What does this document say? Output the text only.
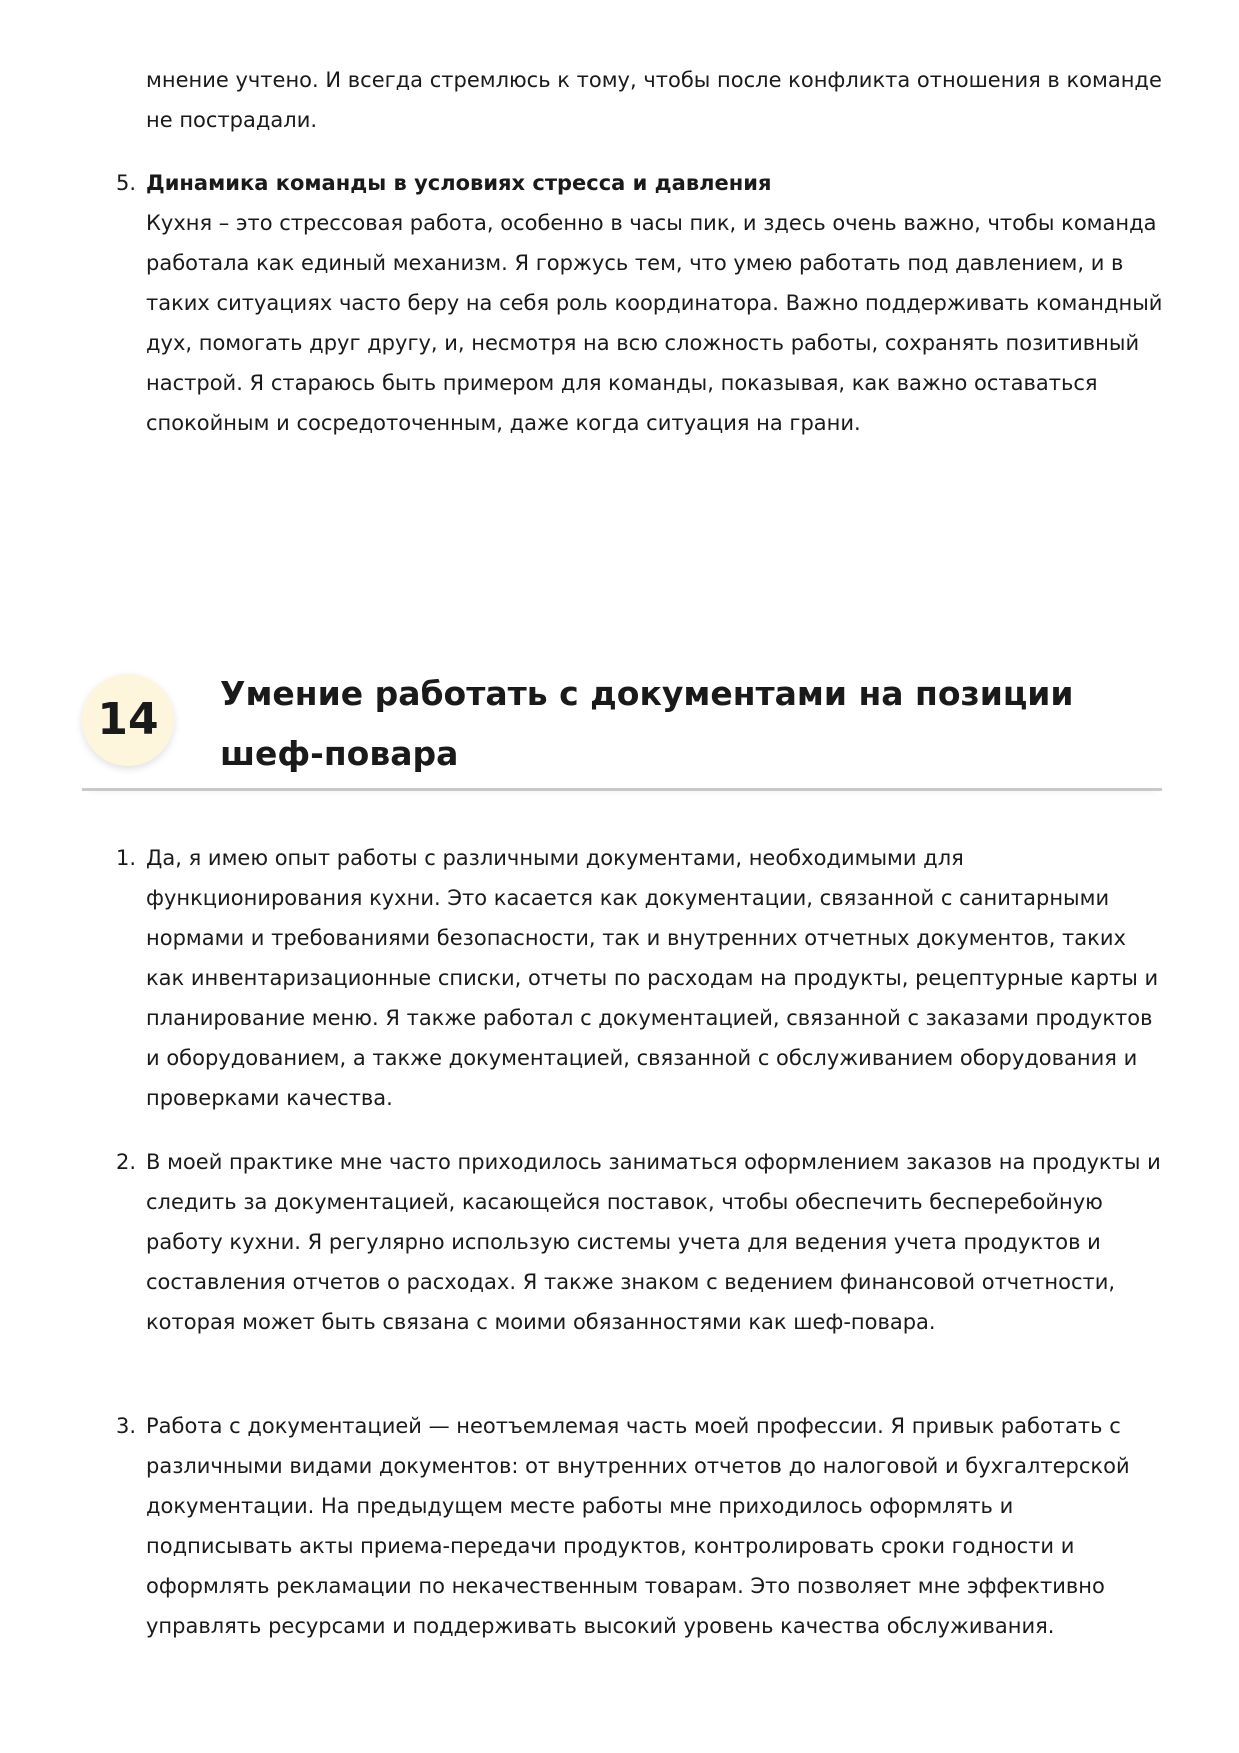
мнение учтено. И всегда стремлюсь к тому, чтобы после конфликта отношения в команде не пострадали.

5. Динамика команды в условиях стресса и давления
Кухня – это стрессовая работа, особенно в часы пик, и здесь очень важно, чтобы команда работала как единый механизм. Я горжусь тем, что умею работать под давлением, и в таких ситуациях часто беру на себя роль координатора. Важно поддерживать командный дух, помогать друг другу, и, несмотря на всю сложность работы, сохранять позитивный настрой. Я стараюсь быть примером для команды, показывая, как важно оставаться спокойным и сосредоточенным, даже когда ситуация на грани.
14
Умение работать с документами на позиции шеф-повара
1. Да, я имею опыт работы с различными документами, необходимыми для функционирования кухни. Это касается как документации, связанной с санитарными нормами и требованиями безопасности, так и внутренних отчетных документов, таких как инвентаризационные списки, отчеты по расходам на продукты, рецептурные карты и планирование меню. Я также работал с документацией, связанной с заказами продуктов и оборудованием, а также документацией, связанной с обслуживанием оборудования и проверками качества.

2. В моей практике мне часто приходилось заниматься оформлением заказов на продукты и следить за документацией, касающейся поставок, чтобы обеспечить бесперебойную работу кухни. Я регулярно использую системы учета для ведения учета продуктов и составления отчетов о расходах. Я также знаком с ведением финансовой отчетности, которая может быть связана с моими обязанностями как шеф-повара.

3. Работа с документацией — неотъемлемая часть моей профессии. Я привык работать с различными видами документов: от внутренних отчетов до налоговой и бухгалтерской документации. На предыдущем месте работы мне приходилось оформлять и подписывать акты приема-передачи продуктов, контролировать сроки годности и оформлять рекламации по некачественным товарам. Это позволяет мне эффективно управлять ресурсами и поддерживать высокий уровень качества обслуживания.
